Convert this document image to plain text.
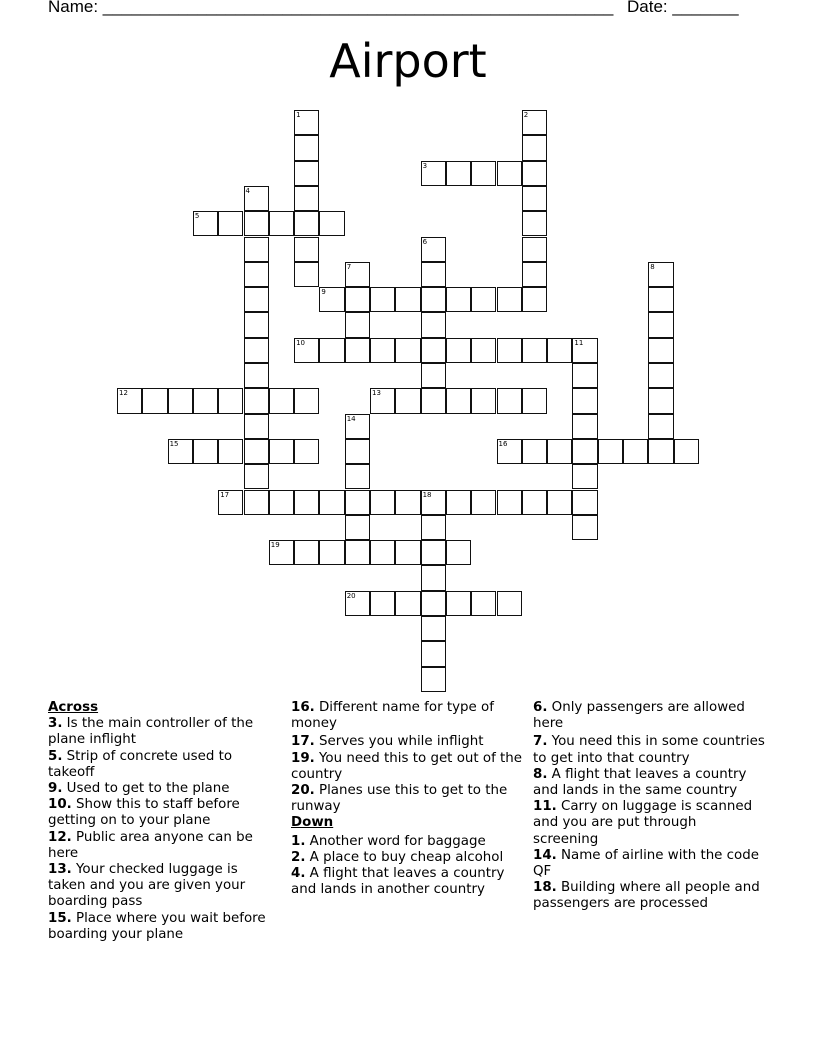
Name: ______________________________________________________ Date: _______
Airport
1	2
3
4
5
6
7	8
9
10	11
12	13
14
15	16
17	18
19
20
Across
3. Is the main controller of the plane inflight
5. Strip of concrete used to takeoff
9. Used to get to the plane
10. Show this to staff before getting on to your plane
12. Public area anyone can be here
13. Your checked luggage is taken and you are given your boarding pass
15. Place where you wait before boarding your plane
16. Different name for type of money
17. Serves you while inflight
19. You need this to get out of the country
20. Planes use this to get to the runway
Down
1. Another word for baggage
2. A place to buy cheap alcohol
4. A flight that leaves a country and lands in another country
6. Only passengers are allowed here
7. You need this in some countries to get into that country
8. A flight that leaves a country and lands in the same country
11. Carry on luggage is scanned and you are put through screening
14. Name of airline with the code QF
18. Building where all people and passengers are processed
